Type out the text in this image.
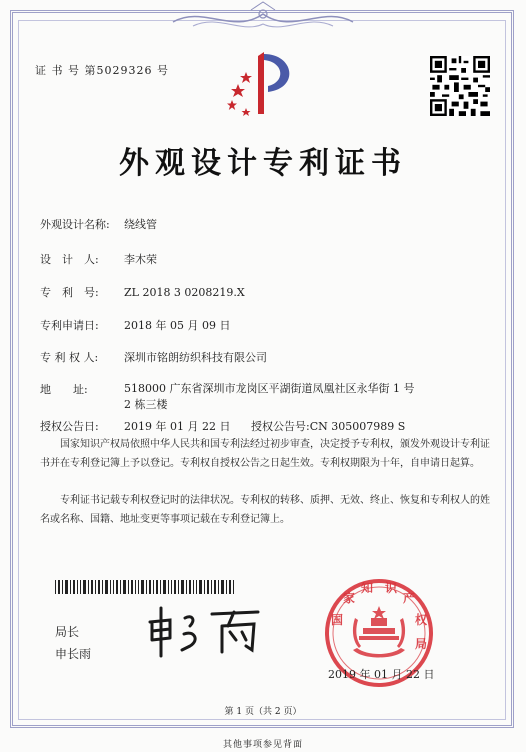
证 书 号 第5029326 号
外观设计专利证书
外观设计名称: 绕线管
设　计　人: 李木荣
专　利　号: ZL 2018 3 0208219.X
专利申请日: 2018 年 05 月 09 日
专 利 权 人: 深圳市铭朗纺织科技有限公司
地　　址:	518000 广东省深圳市龙岗区平湖街道凤凰社区永华街 1 号
2 栋三楼
授权公告日: 2019 年 01 月 22 日 授权公告号:CN 305007989 S
国家知识产权局依照中华人民共和国专利法经过初步审查，决定授予专利权，颁发外观设计专利证书并在专利登记簿上予以登记。专利权自授权公告之日起生效。专利权期限为十年，自申请日起算。
专利证书记载专利权登记时的法律状况。专利权的转移、质押、无效、终止、恢复和专利权人的姓名或名称、国籍、地址变更等事项记载在专利登记簿上。
局长
申长雨
国
家
知 识
产
权
局
2019 年 01 月 22 日
第 1 页（共 2 页）
其他事项参见背面
